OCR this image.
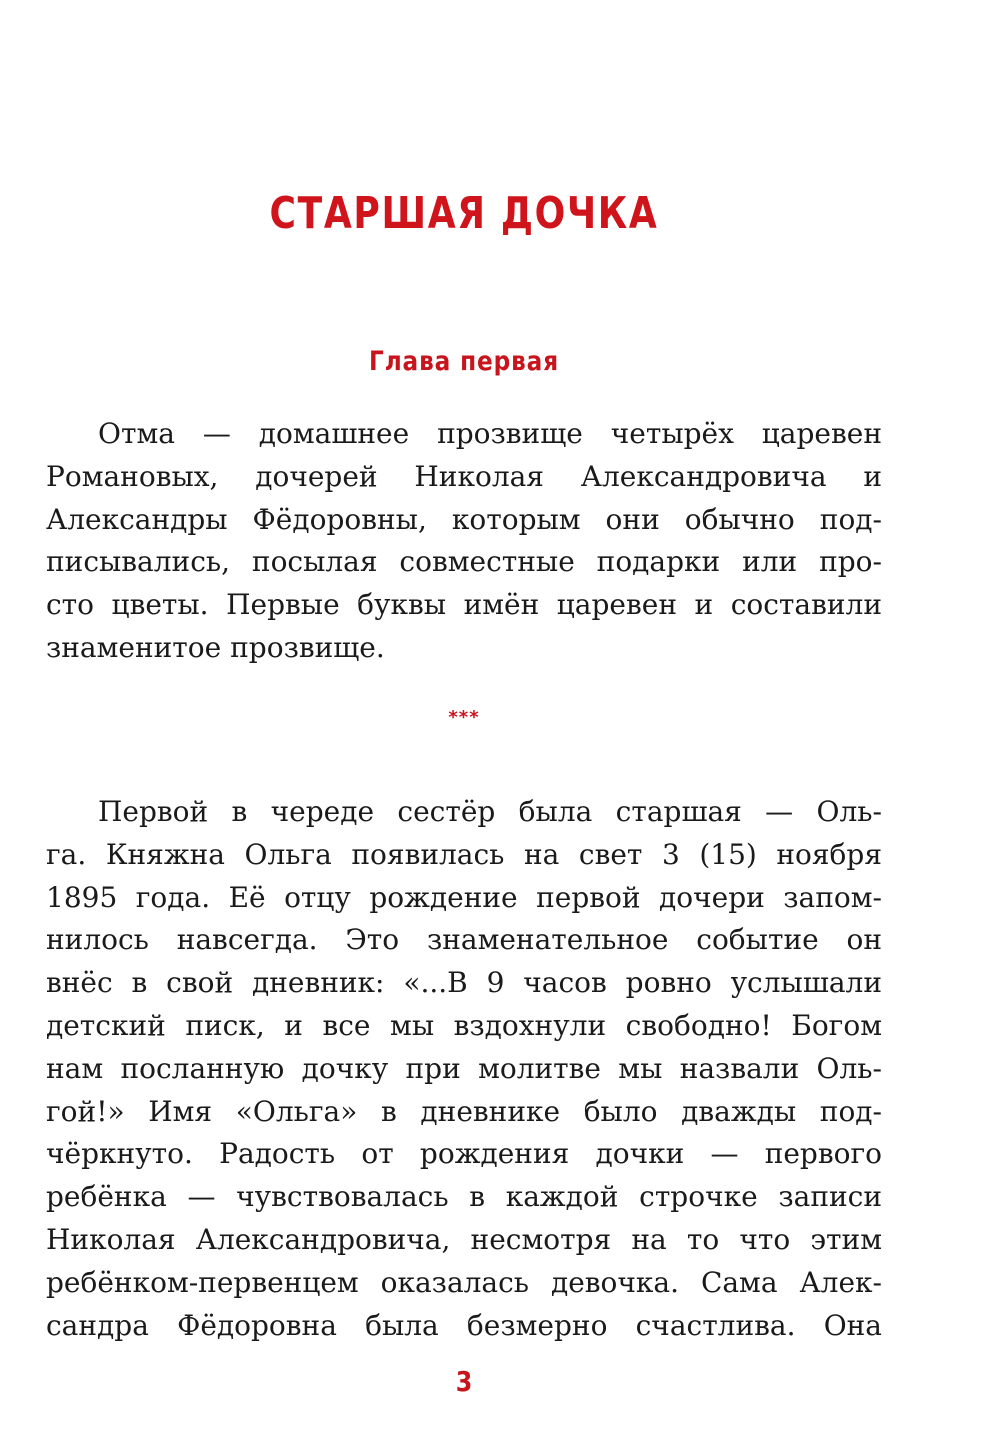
СТАРШАЯ ДОЧКА
Глава первая
Отма — домашнее прозвище четырёх царевен
Романовых, дочерей Николая Александровича и
Александры Фёдоровны, которым они обычно под-
писывались, посылая совместные подарки или про-
сто цветы. Первые буквы имён царевен и составили
знаменитое прозвище.
***
Первой в череде сестёр была старшая — Оль-
га. Княжна Ольга появилась на свет 3 (15) ноября
1895 года. Её отцу рождение первой дочери запом-
нилось навсегда. Это знаменательное событие он
внёс в свой дневник: «...В 9 часов ровно услышали
детский писк, и все мы вздохнули свободно! Богом
нам посланную дочку при молитве мы назвали Оль-
гой!» Имя «Ольга» в дневнике было дважды под-
чёркнуто. Радость от рождения дочки — первого
ребёнка — чувствовалась в каждой строчке записи
Николая Александровича, несмотря на то что этим
ребёнком-первенцем оказалась девочка. Сама Алек-
сандра Фёдоровна была безмерно счастлива. Она
3
